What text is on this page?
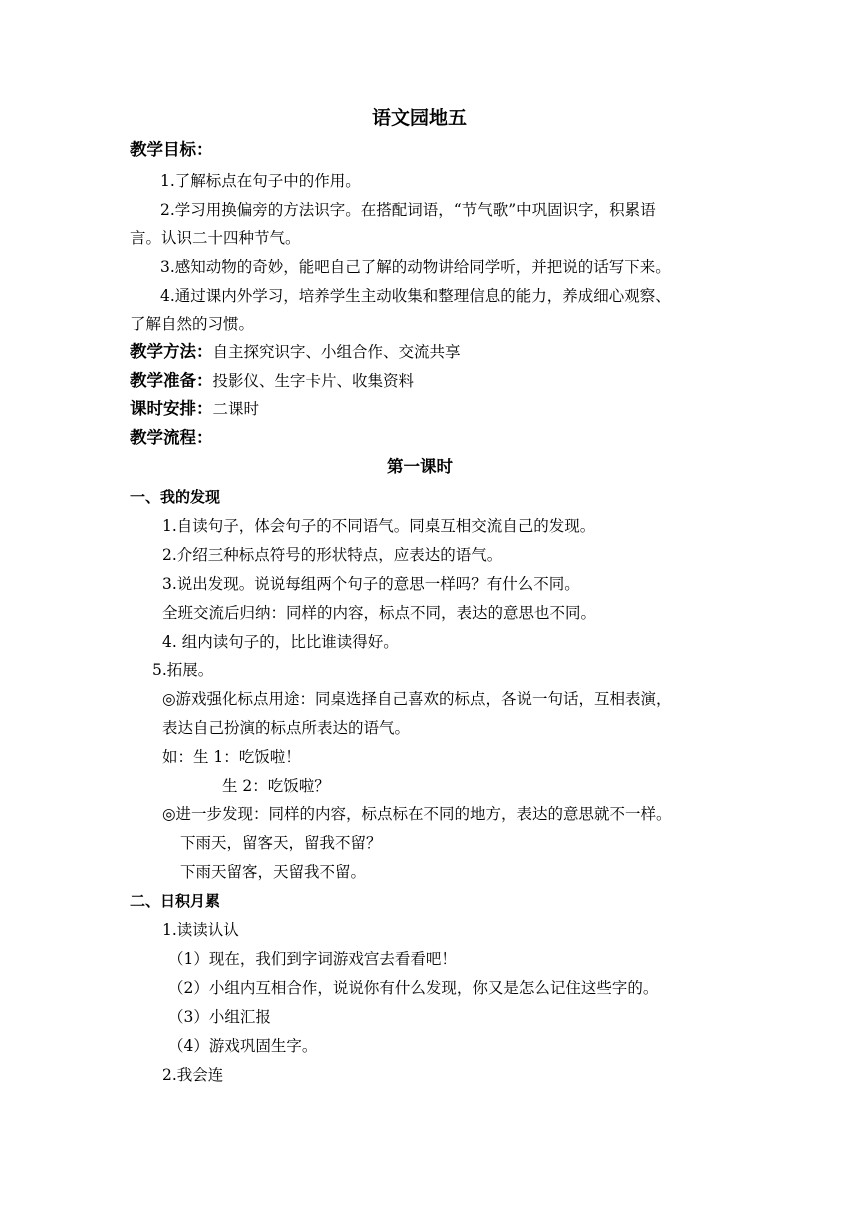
语文园地五
教学目标：
1.了解标点在句子中的作用。
2.学习用换偏旁的方法识字。在搭配词语，“节气歌”中巩固识字，积累语
言。认识二十四种节气。
3.感知动物的奇妙，能吧自己了解的动物讲给同学听，并把说的话写下来。
4.通过课内外学习，培养学生主动收集和整理信息的能力，养成细心观察、
了解自然的习惯。
教学方法：自主探究识字、小组合作、交流共享
教学准备：投影仪、生字卡片、收集资料
课时安排：二课时
教学流程：
第一课时
一、我的发现
1.自读句子，体会句子的不同语气。同桌互相交流自己的发现。
2.介绍三种标点符号的形状特点，应表达的语气。
3.说出发现。说说每组两个句子的意思一样吗？有什么不同。
全班交流后归纳：同样的内容，标点不同，表达的意思也不同。
4. 组内读句子的，比比谁读得好。
5.拓展。
◎游戏强化标点用途：同桌选择自己喜欢的标点，各说一句话，互相表演，
表达自己扮演的标点所表达的语气。
如：生 1：吃饭啦！
生 2：吃饭啦？
◎进一步发现：同样的内容，标点标在不同的地方，表达的意思就不一样。
下雨天，留客天，留我不留？
下雨天留客，天留我不留。
二、日积月累
1.读读认认
（1）现在，我们到字词游戏宫去看看吧！
（2）小组内互相合作，说说你有什么发现，你又是怎么记住这些字的。
（3）小组汇报
（4）游戏巩固生字。
2.我会连
